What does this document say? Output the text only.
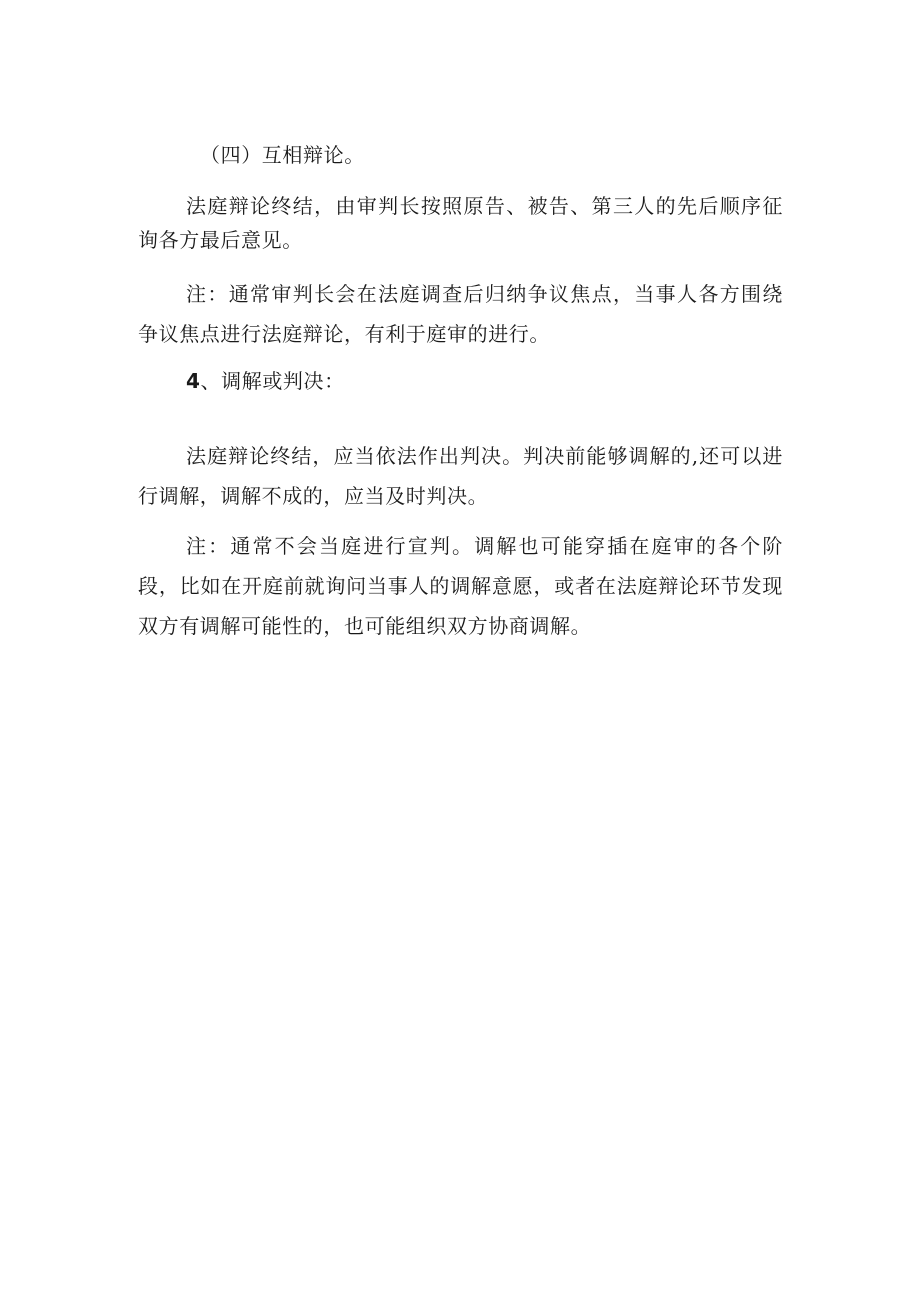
（四）互相辩论。

法庭辩论终结，由审判长按照原告、被告、第三人的先后顺序征询各方最后意见。

注：通常审判长会在法庭调查后归纳争议焦点，当事人各方围绕争议焦点进行法庭辩论，有利于庭审的进行。

4、调解或判决：

法庭辩论终结，应当依法作出判决。判决前能够调解的,还可以进行调解，调解不成的，应当及时判决。

注：通常不会当庭进行宣判。调解也可能穿插在庭审的各个阶段，比如在开庭前就询问当事人的调解意愿，或者在法庭辩论环节发现双方有调解可能性的，也可能组织双方协商调解。
